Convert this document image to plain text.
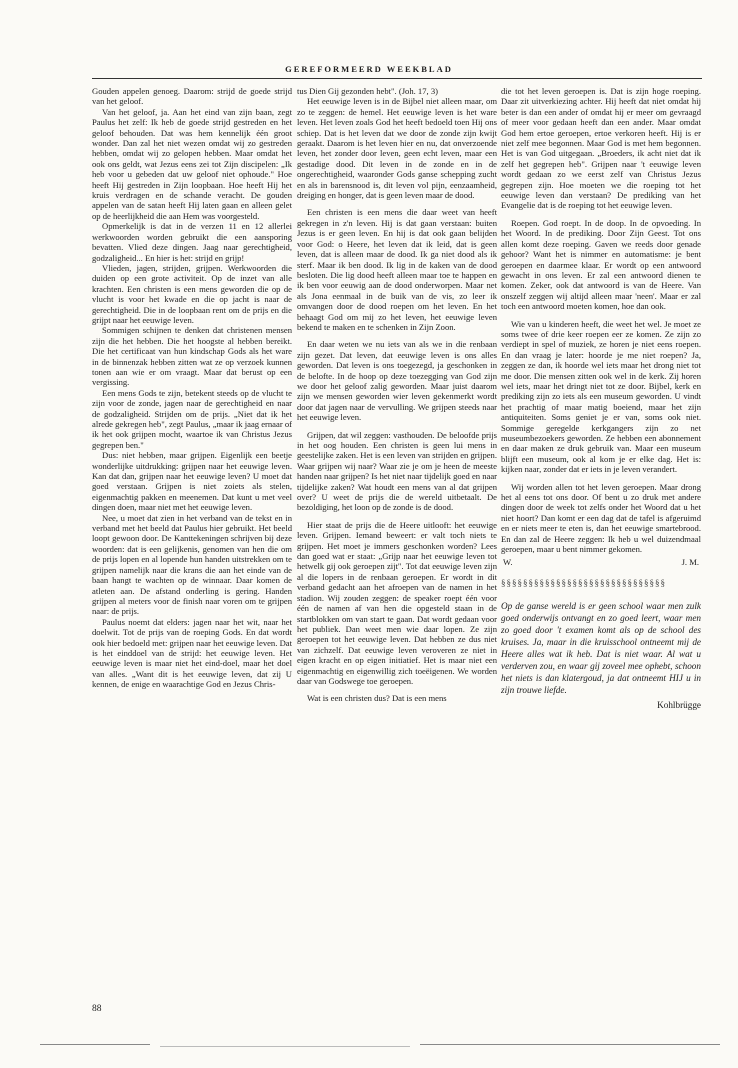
GEREFORMEERD WEEKBLAD

Gouden appelen genoeg. Daarom: strijd de goede strijd van het geloof.

Van het geloof, ja. Aan het eind van zijn baan, zegt Paulus het zelf: Ik heb de goede strijd gestreden en het geloof behouden. Dat was hem kennelijk één groot wonder. Dan zal het niet wezen omdat wij zo gestreden hebben, omdat wij zo gelopen hebben. Maar omdat het ook ons geldt, wat Jezus eens zei tot Zijn discipelen: „Ik heb voor u gebeden dat uw geloof niet ophoude." Hoe heeft Hij gestreden in Zijn loopbaan. Hoe heeft Hij het kruis verdragen en de schande veracht. De gouden appelen van de satan heeft Hij laten gaan en alleen gelet op de heerlijkheid die aan Hem was voorgesteld.

Opmerkelijk is dat in de verzen 11 en 12 allerlei werkwoorden worden gebruikt die een aansporing bevatten. Vlied deze dingen. Jaag naar gerechtigheid, godzaligheid... En hier is het: strijd en grijp!

Vlieden, jagen, strijden, grijpen. Werkwoorden die duiden op een grote activiteit. Op de inzet van alle krachten. Een christen is een mens geworden die op de vlucht is voor het kwade en die op jacht is naar de gerechtigheid. Die in de loopbaan rent om de prijs en die grijpt naar het eeuwige leven.

Sommigen schijnen te denken dat christenen mensen zijn die het hebben. Die het hoogste al hebben bereikt. Die het certificaat van hun kindschap Gods als het ware in de binnenzak hebben zitten wat ze op verzoek kunnen tonen aan wie er om vraagt. Maar dat berust op een vergissing.

Een mens Gods te zijn, betekent steeds op de vlucht te zijn voor de zonde, jagen naar de gerechtigheid en naar de godzaligheid. Strijden om de prijs. „Niet dat ik het alrede gekregen heb", zegt Paulus, „maar ik jaag ernaar of ik het ook grijpen mocht, waartoe ik van Christus Jezus gegrepen ben."

Dus: niet hebben, maar grijpen. Eigenlijk een beetje wonderlijke uitdrukking: grijpen naar het eeuwige leven. Kan dat dan, grijpen naar het eeuwige leven? U moet dat goed verstaan. Grijpen is niet zoiets als stelen, eigenmachtig pakken en meenemen. Dat kunt u met veel dingen doen, maar niet met het eeuwige leven.

Nee, u moet dat zien in het verband van de tekst en in verband met het beeld dat Paulus hier gebruikt. Het beeld loopt gewoon door. De Kanttekeningen schrijven bij deze woorden: dat is een gelijkenis, genomen van hen die om de prijs lopen en al lopende hun handen uitstrekken om te grijpen namelijk naar die krans die aan het einde van de baan hangt te wachten op de winnaar. Daar komen de atleten aan. De afstand onderling is gering. Handen grijpen al meters voor de finish naar voren om te grijpen naar: de prijs.

Paulus noemt dat elders: jagen naar het wit, naar het doelwit. Tot de prijs van de roeping Gods. En dat wordt ook hier bedoeld met: grijpen naar het eeuwige leven. Dat is het einddoel van de strijd: het eeuwige leven. Het eeuwige leven is maar niet het eind-doel, maar het doel van alles. „Want dit is het eeuwige leven, dat zij U kennen, de enige en waarachtige God en Jezus Chris-

tus Dien Gij gezonden hebt". (Joh. 17, 3)

Het eeuwige leven is in de Bijbel niet alleen maar, om zo te zeggen: de hemel. Het eeuwige leven is het ware leven. Het leven zoals God het heeft bedoeld toen Hij ons schiep. Dat is het leven dat we door de zonde zijn kwijt geraakt. Daarom is het leven hier en nu, dat onverzoende leven, het zonder door leven, geen echt leven, maar een gestadige dood. Dit leven in de zonde en in de ongerechtigheid, waaronder Gods ganse schepping zucht en als in barensnood is, dit leven vol pijn, eenzaamheid, dreiging en honger, dat is geen leven maar de dood.

Een christen is een mens die daar weet van heeft gekregen in z'n leven. Hij is dat gaan verstaan: buiten Jezus is er geen leven. En hij is dat ook gaan belijden voor God: o Heere, het leven dat ik leid, dat is geen leven, dat is alleen maar de dood. Ik ga niet dood als ik sterf. Maar ik ben dood. Ik lig in de kaken van de dood besloten. Die lig dood heeft alleen maar toe te happen en ik ben voor eeuwig aan de dood onderworpen. Maar net als Jona eenmaal in de buik van de vis, zo leer ik omvangen door de dood roepen om het leven. En het behaagt God om mij zo het leven, het eeuwige leven bekend te maken en te schenken in Zijn Zoon.

En daar weten we nu iets van als we in die renbaan zijn gezet. Dat leven, dat eeuwige leven is ons alles geworden. Dat leven is ons toegezegd, ja geschonken in de belofte. In de hoop op deze toezegging van God zijn we door het geloof zalig geworden. Maar juist daarom zijn we mensen geworden wier leven gekenmerkt wordt door dat jagen naar de vervulling. We grijpen steeds naar het eeuwige leven.

Grijpen, dat wil zeggen: vasthouden. De beloofde prijs in het oog houden. Een christen is geen lui mens in geestelijke zaken. Het is een leven van strijden en grijpen. Waar grijpen wij naar? Waar zie je om je heen de meeste handen naar grijpen? Is het niet naar tijdelijk goed en naar tijdelijke zaken? Wat houdt een mens van al dat grijpen over? U weet de prijs die de wereld uitbetaalt. De bezoldiging, het loon op de zonde is de dood.

Hier staat de prijs die de Heere uitlooft: het eeuwige leven. Grijpen. Iemand beweert: er valt toch niets te grijpen. Het moet je immers geschonken worden? Lees dan goed wat er staat: „Grijp naar het eeuwige leven tot hetwelk gij ook geroepen zijt". Tot dat eeuwige leven zijn al die lopers in de renbaan geroepen. Er wordt in dit verband gedacht aan het afroepen van de namen in het stadion. Wij zouden zeggen: de speaker roept één voor één de namen af van hen die opgesteld staan in de startblokken om van start te gaan. Dat wordt gedaan voor het publiek. Dan weet men wie daar lopen. Ze zijn geroepen tot het eeuwige leven. Dat hebben ze dus niet van zichzelf. Dat eeuwige leven veroveren ze niet in eigen kracht en op eigen initiatief. Het is maar niet een eigenmachtig en eigenwillig zich toeëigenen. We worden daar van Godswege toe geroepen.

Wat is een christen dus? Dat is een mens

die tot het leven geroepen is. Dat is zijn hoge roeping. Daar zit uitverkiezing achter. Hij heeft dat niet omdat hij beter is dan een ander of omdat hij er meer om gevraagd of meer voor gedaan heeft dan een ander. Maar omdat God hem ertoe geroepen, ertoe verkoren heeft. Hij is er niet zelf mee begonnen. Maar God is met hem begonnen. Het is van God uitgegaan. „Broeders, ik acht niet dat ik zelf het gegrepen heb". Grijpen naar 't eeuwige leven wordt gedaan zo we eerst zelf van Christus Jezus gegrepen zijn. Hoe moeten we die roeping tot het eeuwige leven dan verstaan? De prediking van het Evangelie dat is de roeping tot het eeuwige leven.

Roepen. God roept. In de doop. In de opvoeding. In het Woord. In de prediking. Door Zijn Geest. Tot ons allen komt deze roeping. Gaven we reeds door genade gehoor? Want het is nimmer en automatisme: je bent geroepen en daarmee klaar. Er wordt op een antwoord gewacht in ons leven. Er zal een antwoord dienen te komen. Zeker, ook dat antwoord is van de Heere. Van onszelf zeggen wij altijd alleen maar 'neen'. Maar er zal toch een antwoord moeten komen, hoe dan ook.

Wie van u kinderen heeft, die weet het wel. Je moet ze soms twee of drie keer roepen eer ze komen. Ze zijn zo verdiept in spel of muziek, ze horen je niet eens roepen. En dan vraag je later: hoorde je me niet roepen? Ja, zeggen ze dan, ik hoorde wel iets maar het drong niet tot me door. Die mensen zitten ook wel in de kerk. Zij horen wel iets, maar het dringt niet tot ze door. Bijbel, kerk en prediking zijn zo iets als een museum geworden. U vindt het prachtig of maar matig boeiend, maar het zijn antiquiteiten. Soms geniet je er van, soms ook niet. Sommige geregelde kerkgangers zijn zo net museumbezoekers geworden. Ze hebben een abonnement en daar maken ze druk gebruik van. Maar een museum blijft een museum, ook al kom je er elke dag. Het is: kijken naar, zonder dat er iets in je leven verandert.

Wij worden allen tot het leven geroepen. Maar drong het al eens tot ons door. Of bent u zo druk met andere dingen door de week tot zelfs onder het Woord dat u het niet hoort? Dan komt er een dag dat de tafel is afgeruimd en er niets meer te eten is, dan het eeuwige smartebrood. En dan zal de Heere zeggen: Ik heb u wel duizendmaal geroepen, maar u bent nimmer gekomen.

W.	J. M.
§§§§§§§§§§§§§§§§§§§§§§§§§§§§§§
Op de ganse wereld is er geen school waar men zulk goed onderwijs ontvangt en zo goed leert, waar men zo goed door 't examen komt als op de school des kruises. Ja, maar in die kruisschool ontneemt mij de Heere alles wat ik heb. Dat is niet waar. Al wat u verderven zou, en waar gij zoveel mee ophebt, schoon het niets is dan klatergoud, ja dat ontneemt HIJ u in zijn trouwe liefde.
Kohlbrügge
88
